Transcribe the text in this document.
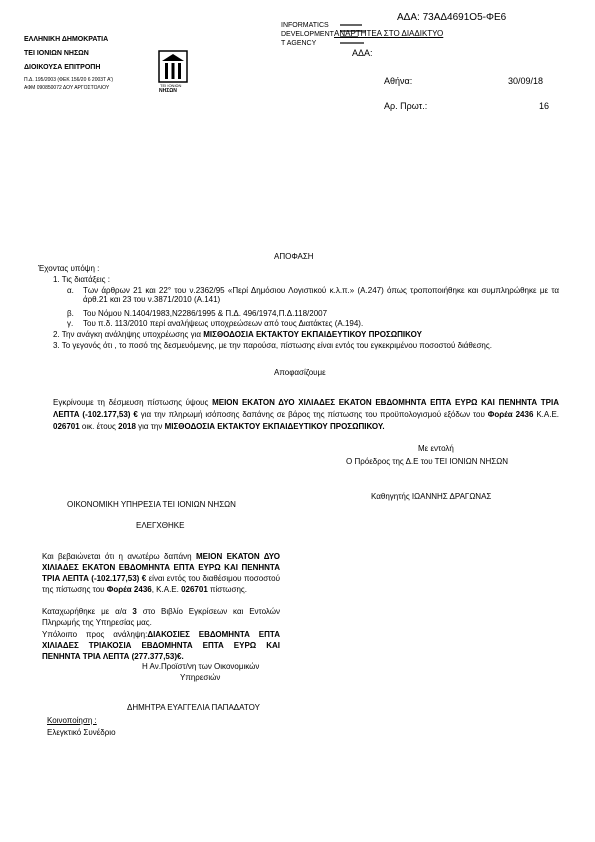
ΑΔΑ: 73ΑΔ4691Ο5-ΦΕ6
ΕΛΛΗΝΙΚΗ ΔΗΜΟΚΡΑΤΙΑ
ΤΕΙ ΙΟΝΙΩΝ ΝΗΣΩΝ
ΔΙΟΙΚΟΥΣΑ ΕΠΙΤΡΟΠΗ
Π.Δ. 195/2003 (ΦΕΚ 156/20 6 2003Τ Α')
ΑΦΜ 090850072 ΔΟΥ ΑΡΓΟΣΤΟΛΙΟΥ	ΤΕΙ ΙΟΝΙΩΝ
ΝΗΣΩΝ
INFORMATICS
DEVELOPMENT
T AGENCY
ΑΝΑΡΤΗΤΕΑ ΣΤΟ ΔΙΑΔΙΚΤΥΟ
ΑΔΑ:
Αθήνα:	30/09/18
Αρ. Πρωτ.:	16
ΑΠΟΦΑΣΗ
Έχοντας υπόψη :
1. Τις διατάξεις :
α. Των άρθρων 21 και 22° του ν.2362/95 «Περί Δημόσιου Λογιστικού κ.λ.π.» (Α.247) όπως τροποποιήθηκε και συμπληρώθηκε με τα άρθ.21 και 23 του ν.3871/2010 (Α.141)
β. Του Νόμου Ν.1404/1983,Ν2286/1995 & Π.Δ. 496/1974,Π.Δ.118/2007
γ. Του π.δ. 113/2010 περί αναλήψεως υποχρεώσεων από τους Διατάκτες (Α.194).
2. Την ανάγκη ανάληψης υποχρέωσης για ΜΙΣΘΟΔΟΣΙΑ ΕΚΤΑΚΤΟΥ ΕΚΠΑΙΔΕΥΤΙΚΟΥ ΠΡΟΣΩΠΙΚΟΥ
3. Το γεγονός ότι , το ποσό της δεσμευόμενης, με την παρούσα, πίστωσης είναι εντός του εγκεκριμένου ποσοστού διάθεσης.
Αποφασίζουμε
Εγκρίνουμε τη δέσμευση πίστωσης ύψους ΜΕΙΟΝ ΕΚΑΤΟΝ ΔΥΟ ΧΙΛΙΑΔΕΣ ΕΚΑΤΟΝ ΕΒΔΟΜΗΝΤΑ ΕΠΤΑ ΕΥΡΩ ΚΑΙ ΠΕΝΗΝΤΑ ΤΡΙΑ ΛΕΠΤΑ (-102.177,53) € για την πληρωμή ισόποσης δαπάνης σε βάρος της πίστωσης του προϋπολογισμού εξόδων του Φορέα 2436 Κ.Α.Ε. 026701 οικ. έτους 2018 για την ΜΙΣΘΟΔΟΣΙΑ ΕΚΤΑΚΤΟΥ ΕΚΠΑΙΔΕΥΤΙΚΟΥ ΠΡΟΣΩΠΙΚΟΥ.
Με εντολή
Ο Πρόεδρος της Δ.Ε του ΤΕΙ ΙΟΝΙΩΝ ΝΗΣΩΝ
Καθηγητής ΙΩΑΝΝΗΣ ΔΡΑΓΩΝΑΣ
ΟΙΚΟΝΟΜΙΚΗ ΥΠΗΡΕΣΙΑ ΤΕΙ ΙΟΝΙΩΝ ΝΗΣΩΝ
ΕΛΕΓΧΘΗΚΕ
Και βεβαιώνεται ότι η ανωτέρω δαπάνη ΜΕΙΟΝ ΕΚΑΤΟΝ ΔΥΟ ΧΙΛΙΑΔΕΣ ΕΚΑΤΟΝ ΕΒΔΟΜΗΝΤΑ ΕΠΤΑ ΕΥΡΩ ΚΑΙ ΠΕΝΗΝΤΑ ΤΡΙΑ ΛΕΠΤΑ (-102.177,53) € είναι εντός του διαθέσιμου ποσοστού της πίστωσης του Φορέα 2436, Κ.Α.Ε. 026701 πίστωσης.
Καταχωρήθηκε με α/α 3 στο Βιβλίο Εγκρίσεων και Εντολών Πληρωμής της Υπηρεσίας μας.
Υπόλοιπο προς ανάληψη:ΔΙΑΚΟΣΙΕΣ ΕΒΔΟΜΗΝΤΑ ΕΠΤΑ ΧΙΛΙΑΔΕΣ ΤΡΙΑΚΟΣΙΑ ΕΒΔΟΜΗΝΤΑ ΕΠΤΑ ΕΥΡΩ ΚΑΙ ΠΕΝΗΝΤΑ ΤΡΙΑ ΛΕΠΤΑ (277.377,53)€.
Η Αν.Προϊστ/νη των Οικονομικών
Υπηρεσιών
ΔΗΜΗΤΡΑ ΕΥΑΓΓΕΛΙΑ ΠΑΠΑΔΑΤΟΥ
Κοινοποίηση :
Ελεγκτικό Συνέδριο
